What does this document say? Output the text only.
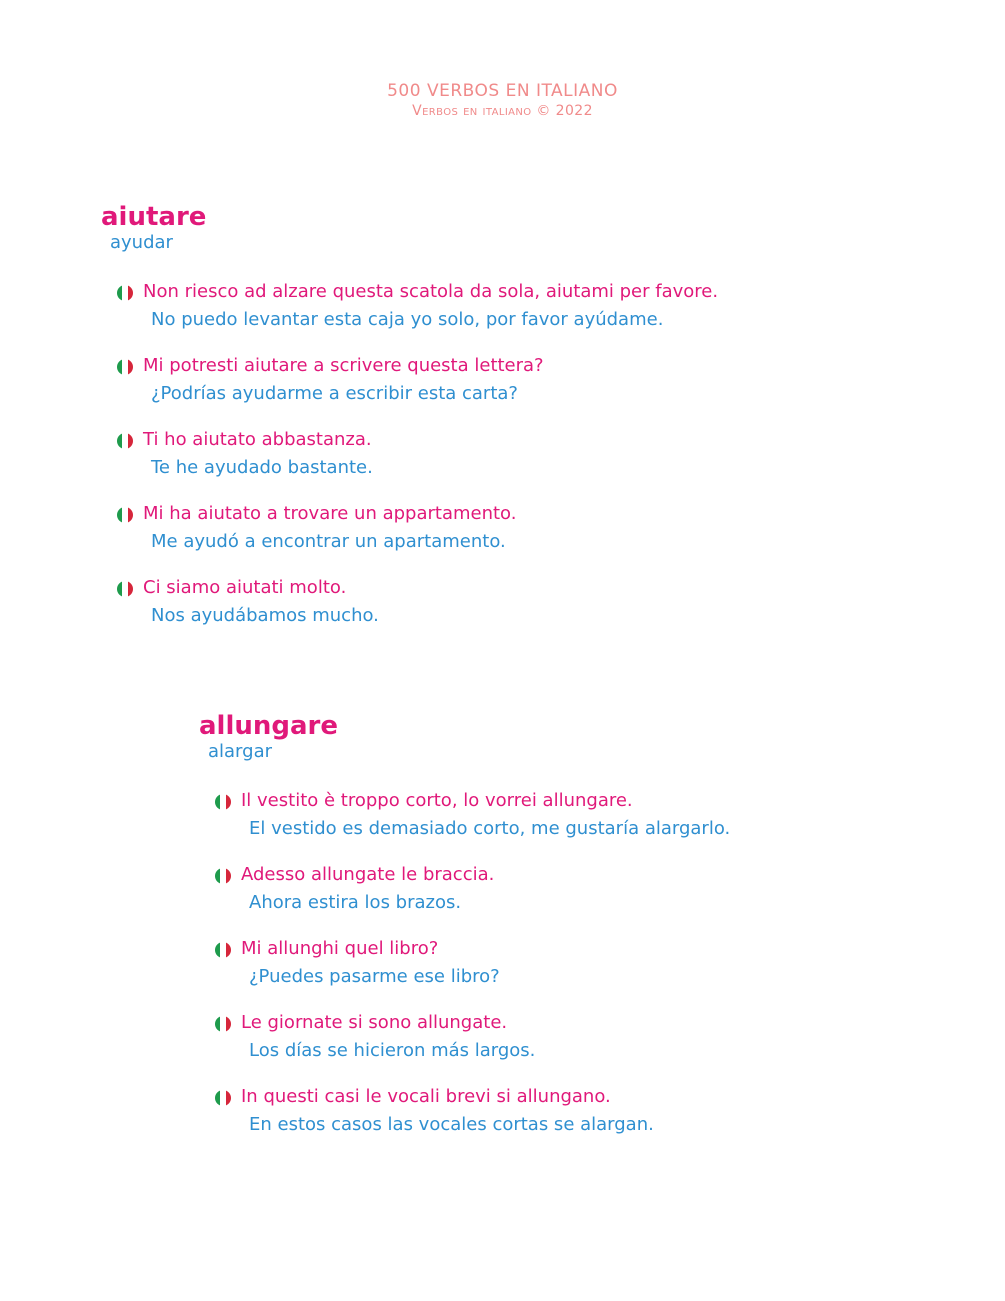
500 VERBOS EN ITALIANO
Verbos en italiano © 2022
aiutare
ayudar
Non riesco ad alzare questa scatola da sola, aiutami per favore.
No puedo levantar esta caja yo solo, por favor ayúdame.
Mi potresti aiutare a scrivere questa lettera?
¿Podrías ayudarme a escribir esta carta?
Ti ho aiutato abbastanza.
Te he ayudado bastante.
Mi ha aiutato a trovare un appartamento.
Me ayudó a encontrar un apartamento.
Ci siamo aiutati molto.
Nos ayudábamos mucho.
allungare
alargar
Il vestito è troppo corto, lo vorrei allungare.
El vestido es demasiado corto, me gustaría alargarlo.
Adesso allungate le braccia.
Ahora estira los brazos.
Mi allunghi quel libro?
¿Puedes pasarme ese libro?
Le giornate si sono allungate.
Los días se hicieron más largos.
In questi casi le vocali brevi si allungano.
En estos casos las vocales cortas se alargan.
